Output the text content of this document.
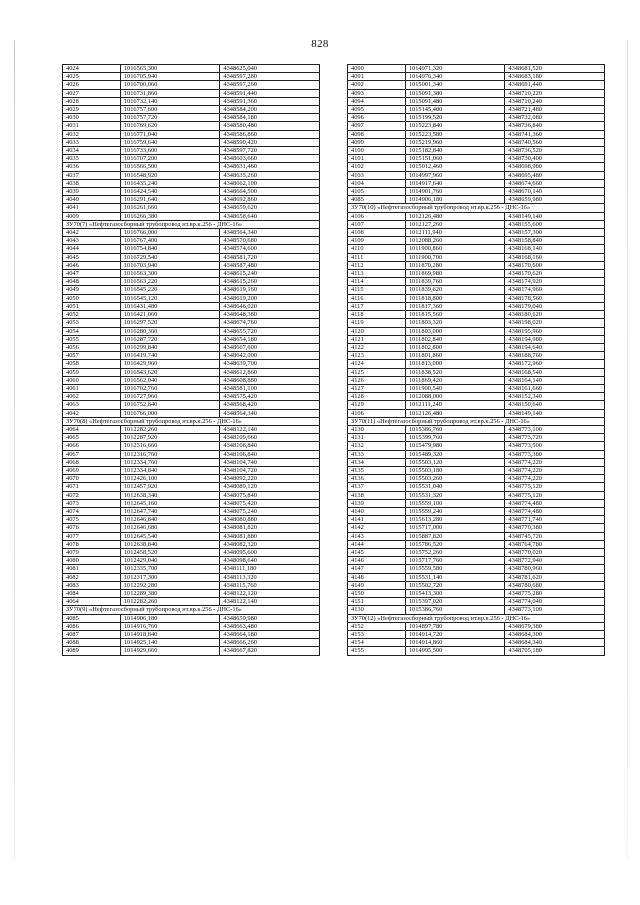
828
4024	1016565,300	4348625,040
4025	1016705,940	4348597,280
4026	1016700,060	4348597,260
4027	1016731,860	4348591,440
4028	1016732,140	4348591,360
4029	1016757,600	4348584,200
4030	1016757,720	4348584,180
4031	1016769,620	4348580,480
4032	1016771,040	4348586,860
4033	1016759,640	4348590,420
4034	1016733,600	4348597,720
4035	1016707,200	4348603,660
4036	1016566,500	4348631,460
4037	1016548,920	4348635,260
4038	1016435,240	4348662,100
4039	1016424,540	4348664,500
4040	1016291,640	4348692,860
4041	1016261,660	4348659,620
4009	1016266,380	4348658,640
ЗУ70(7) «Нефтегазосборный трубопровод нт.вр.к.256 - ДНС-16»		
4042	1016766,000	4348564,340
4043	1016767,400	4348570,680
4044	1016754,840	4348574,600
4045	1016729,540	4348581,720
4046	1016703,940	4348587,480
4047	1016563,300	4348615,240
4048	1016563,220	4348615,260
4049	1016545,220	4348619,160
4050	1016545,120	4348619,200
4051	1016431,480	4348646,020
4052	1016421,060	4348648,380
4053	1016297,520	4348674,760
4054	1016280,360	4348655,720
4055	1016287,720	4348654,180
4056	1016299,840	4348667,600
4057	1016419,740	4348642,000
4058	1016429,960	4348639,700
4059	1016543,620	4348612,860
4060	1016562,040	4348608,880
4061	1016702,760	4348581,100
4062	1016727,960	4348575,420
4063	1016752,840	4348568,420
4042	1016766,000	4348564,340
ЗУ70(8) «Нефтегазосборный трубопровод нт.вр.к.256 - ДНС-16»		
4064	1012282,260	4348122,140
4065	1012287,920	4348109,660
4066	1012316,660	4348106,840
4067	1012316,760	4348106,840
4068	1012334,760	4348104,740
4069	1012334,840	4348104,720
4070	1012426,100	4348092,220
4071	1012457,920	4348089,120
4072	1012638,340	4348075,840
4073	1012645,160	4348075,420
4074	1012647,740	4348075,240
4075	1012646,840	4348080,880
4076	1012646,680	4348081,820
4077	1012645,540	4348081,880
4078	1012638,840	4348082,320
4079	1012458,520	4348095,600
4080	1012429,040	4348098,640
4081	1012335,700	4348111,180
4082	1012317,300	4348113,320
4083	1012292,280	4348115,760
4084	1012289,380	4348122,120
4064	1012282,260	4348122,140
ЗУ70(9) «Нефтегазосборный трубопровод нт.вр.к.256 - ДНС-16»		
4085	1014906,180	4348659,980
4086	1014916,760	4348663,480
4087	1014918,840	4348664,180
4088	1014925,140	4348666,260
4089	1014929,660	4348667,820
4090	1014971,320	4348681,520
4091	1014976,340	4348683,180
4092	1015001,340	4348691,440
4093	1015091,380	4348710,220
4094	1015091,480	4348710,240
4095	1015145,400	4348721,480
4096	1015199,520	4348732,080
4097	1015223,840	4348736,840
4098	1015223,580	4348741,360
4099	1015219,960	4348740,560
4100	1015182,840	4348736,520
4101	1015151,060	4348730,400
4102	1015012,460	4348698,980
4103	1014997,960	4348695,480
4104	1014917,640	4348674,660
4105	1014901,760	4348670,140
4085	1014906,180	4348659,980
ЗУ70(10) «Нефтегазосборный трубопровод нт.вр.к.256 - ДНС-16»		
4106	1012126,480	4348149,140
4107	1012127,260	4348155,600
4108	1012111,940	4348157,300
4109	1012088,260	4348158,840
4110	1011900,860	4348168,140
4111	1011900,700	4348168,160
4112	1011870,280	4348170,600
4113	1011869,980	4348170,620
4114	1011839,760	4348174,920
4115	1011839,620	4348174,960
4116	1011818,800	4348178,560
4117	1011817,360	4348179,040
4118	1011815,560	4348180,620
4119	1011803,320	4348198,020
4120	1011803,000	4348195,960
4121	1011802,840	4348194,980
4122	1011802,800	4348194,640
4123	1011801,860	4348188,760
4124	1011813,000	4348172,960
4125	1011838,520	4348168,540
4126	1011869,420	4348164,140
4127	1011900,540	4348161,660
4128	1012088,000	4348152,340
4129	1012111,240	4348150,640
4106	1012126,480	4348149,140
ЗУ70(11) «Нефтегазосборный трубопровод нт.вр.к.256 - ДНС-16»		
4130	1015386,760	4348773,100
4131	1015399,760	4348773,720
4132	1015479,980	4348773,500
4133	1015489,320	4348773,380
4134	1015503,120	4348774,220
4135	1015503,180	4348774,220
4136	1015503,260	4348774,220
4137	1015531,040	4348775,120
4138	1015531,320	4348775,120
4139	1015559,100	4348774,480
4140	1015559,240	4348774,480
4141	1015613,280	4348771,740
4142	1015717,000	4348770,380
4143	1015887,820	4348745,720
4144	1015786,520	4348764,780
4145	1015752,260	4348770,020
4146	1015717,760	4348772,940
4147	1015559,580	4348780,960
4148	1015531,140	4348781,620
4149	1015502,720	4348780,680
4150	1015413,300	4348775,280
4151	1015397,020	4348774,040
4130	1015386,760	4348773,100
ЗУ70(12) «Нефтегазосборный трубопровод нт.вр.к.256 - ДНС-16»		
4152	1014897,780	4348679,380
4153	1014914,720	4348684,300
4154	1014914,860	4348684,340
4155	1014995,500	4348705,180
